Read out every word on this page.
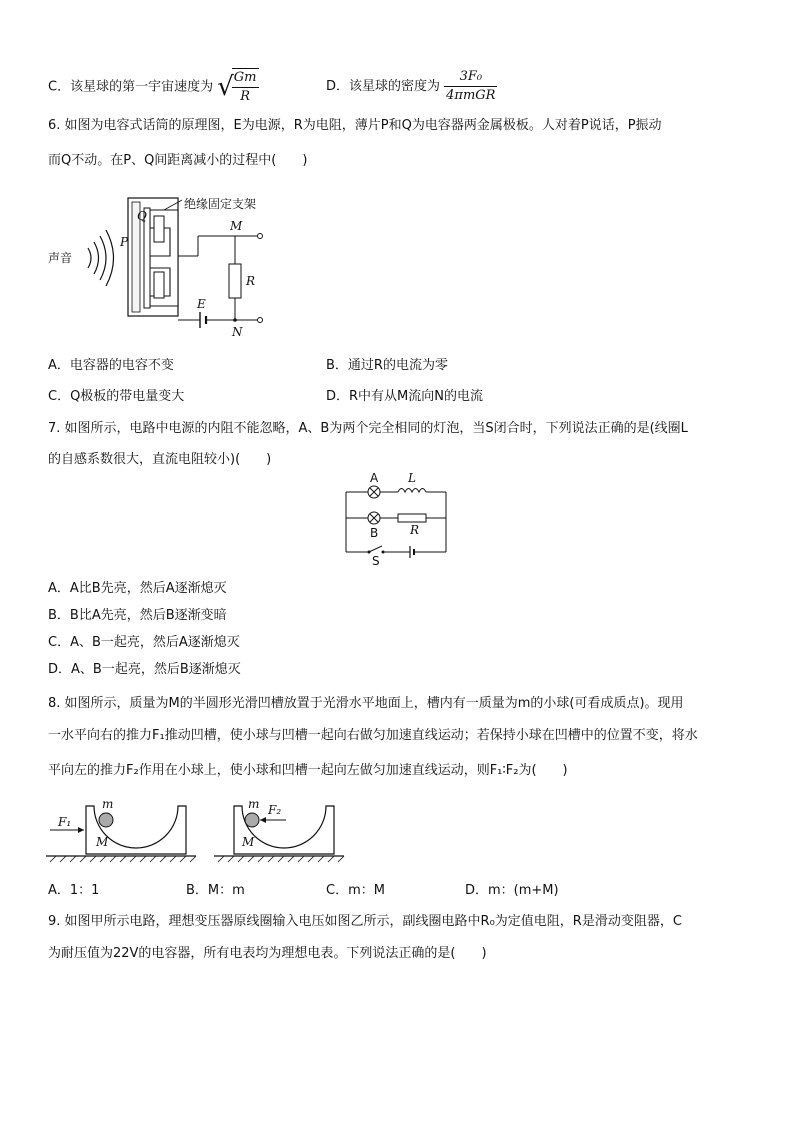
C．该星球的第一宇宙速度为 √
$\frac{Gm}{R}$	D．该星球的密度为 $\frac{\text{3F₀}}{\text{4πmGR}}$
6. 如图为电容式话筒的原理图，E为电源，R为电阻，薄片P和Q为电容器两金属极板。人对着P说话，P振动
而Q不动。在P、Q间距离减小的过程中(　　)
声音
Q
P
绝缘固定支架
M
R
E
N
A．电容器的电容不变	B．通过R的电流为零
C．Q极板的带电量变大	D．R中有从M流向N的电流
7. 如图所示，电路中电源的内阻不能忽略，A、B为两个完全相同的灯泡，当S闭合时，下列说法正确的是(线圈L
的自感系数很大，直流电阻较小)(　　)
A L
B	R
S
A．A比B先亮，然后A逐渐熄灭
B．B比A先亮，然后B逐渐变暗
C．A、B一起亮，然后A逐渐熄灭
D．A、B一起亮，然后B逐渐熄灭
8. 如图所示，质量为M的半圆形光滑凹槽放置于光滑水平地面上，槽内有一质量为m的小球(可看成质点)。现用
一水平向右的推力F₁推动凹槽，使小球与凹槽一起向右做匀加速直线运动；若保持小球在凹槽中的位置不变，将水
平向左的推力F₂作用在小球上，使小球和凹槽一起向左做匀加速直线运动，则F₁∶F₂为(　　)
F₁
m
M
F₂
m
M
A．1：1	B．M：m	C．m：M	D．m：(m+M)
9. 如图甲所示电路，理想变压器原线圈输入电压如图乙所示，副线圈电路中R₀为定值电阻，R是滑动变阻器，C
为耐压值为22V的电容器，所有电表均为理想电表。下列说法正确的是(　　)
